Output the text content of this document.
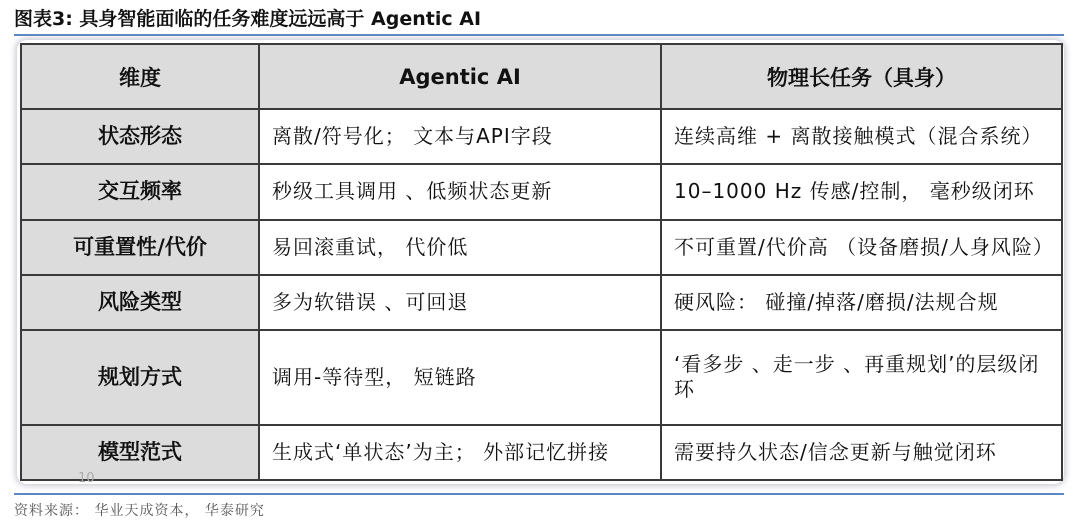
图表3: 具身智能面临的任务难度远远高于 Agentic AI
维度	Agentic AI	物理长任务（具身）
状态形态	离散/符号化； 文本与API字段	连续高维 + 离散接触模式（混合系统）
交互频率	秒级工具调用 、低频状态更新	10–1000 Hz 传感/控制， 毫秒级闭环
可重置性/代价	易回滚重试， 代价低	不可重置/代价高 （设备磨损/人身风险）
风险类型	多为软错误 、可回退	硬风险： 碰撞/掉落/磨损/法规合规
规划方式	调用-等待型， 短链路	‘看多步 、走一步 、再重规划’的层级闭环
模型范式	生成式‘单状态’为主； 外部记忆拼接	需要持久状态/信念更新与触觉闭环
10
资料来源： 华业天成资本， 华泰研究
